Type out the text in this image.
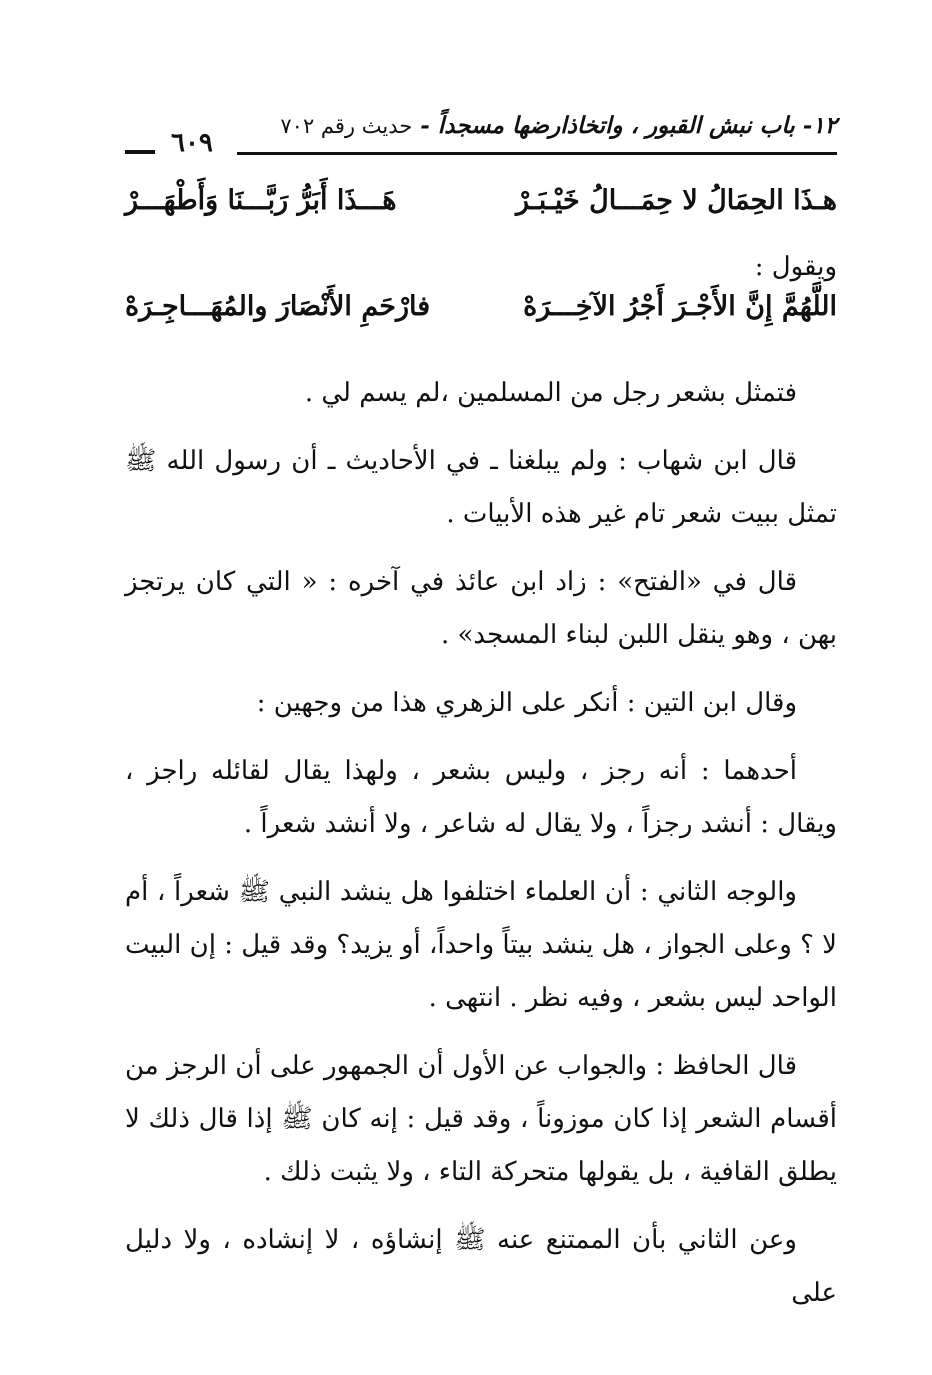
١٢- باب نبش القبور ، واتخاذارضها مسجداً - حديث رقم ٧٠٢
٦٠٩
هـذَا الحِمَالُ لا حِمَـــالُ خَيْـبَـرْ
هَـــذَا أَبَرُّ رَبَّـــنَا وَأَطْهَـــرْ
ويقول :
اللَّهُمَّ إِنَّ الأَجْـرَ أَجْرُ الآخِـــرَهْ
فارْحَمِ الأَنْصَارَ والمُهَـــاجِـرَهْ

فتمثل بشعر رجل من المسلمين ،لم يسم لي .

قال ابن شهاب : ولم يبلغنا ـ في الأحاديث ـ أن رسول الله ﷺ تمثل ببيت شعر تام غير هذه الأبيات .

قال في «الفتح» : زاد ابن عائذ في آخره : « التي كان يرتجز بهن ، وهو ينقل اللبن لبناء المسجد» .

وقال ابن التين : أنكر على الزهري هذا من وجهين :

أحدهما : أنه رجز ، وليس بشعر ، ولهذا يقال لقائله راجز ، ويقال : أنشد رجزاً ، ولا يقال له شاعر ، ولا أنشد شعراً .

والوجه الثاني : أن العلماء اختلفوا هل ينشد النبي ﷺ شعراً ، أم لا ؟ وعلى الجواز ، هل ينشد بيتاً واحداً، أو يزيد؟ وقد قيل : إن البيت الواحد ليس بشعر ، وفيه نظر . انتهى .

قال الحافظ : والجواب عن الأول أن الجمهور على أن الرجز من أقسام الشعر إذا كان موزوناً ، وقد قيل : إنه كان ﷺ إذا قال ذلك لا يطلق القافية ، بل يقولها متحركة التاء ، ولا يثبت ذلك .

وعن الثاني بأن الممتنع عنه ﷺ إنشاؤه ، لا إنشاده ، ولا دليل على
